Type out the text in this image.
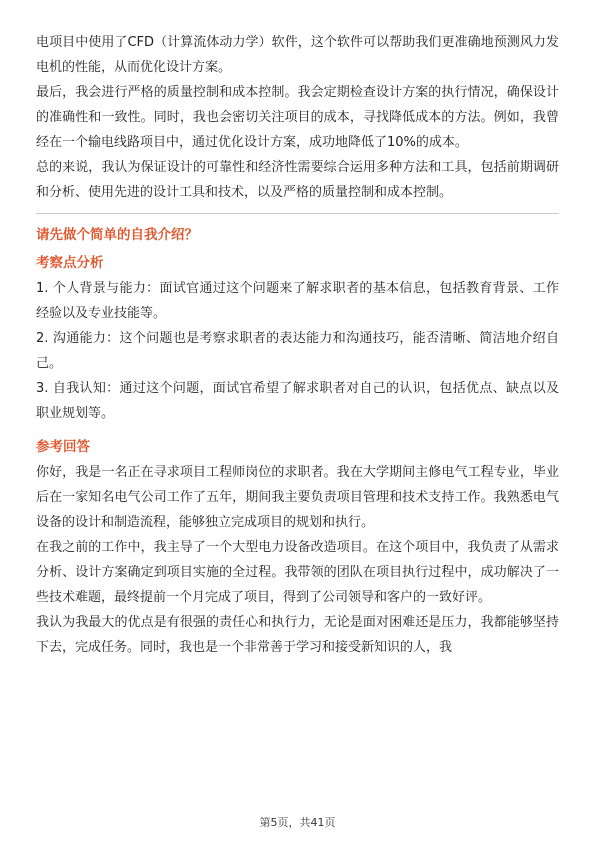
电项目中使用了CFD（计算流体动力学）软件，这个软件可以帮助我们更准确地预测风力发电机的性能，从而优化设计方案。

最后，我会进行严格的质量控制和成本控制。我会定期检查设计方案的执行情况，确保设计的准确性和一致性。同时，我也会密切关注项目的成本，寻找降低成本的方法。例如，我曾经在一个输电线路项目中，通过优化设计方案，成功地降低了10%的成本。

总的来说，我认为保证设计的可靠性和经济性需要综合运用多种方法和工具，包括前期调研和分析、使用先进的设计工具和技术，以及严格的质量控制和成本控制。

请先做个简单的自我介绍？
考察点分析

1. 个人背景与能力：面试官通过这个问题来了解求职者的基本信息，包括教育背景、工作经验以及专业技能等。

2. 沟通能力：这个问题也是考察求职者的表达能力和沟通技巧，能否清晰、简洁地介绍自己。

3. 自我认知：通过这个问题，面试官希望了解求职者对自己的认识，包括优点、缺点以及职业规划等。

参考回答

你好，我是一名正在寻求项目工程师岗位的求职者。我在大学期间主修电气工程专业，毕业后在一家知名电气公司工作了五年，期间我主要负责项目管理和技术支持工作。我熟悉电气设备的设计和制造流程，能够独立完成项目的规划和执行。

在我之前的工作中，我主导了一个大型电力设备改造项目。在这个项目中，我负责了从需求分析、设计方案确定到项目实施的全过程。我带领的团队在项目执行过程中，成功解决了一些技术难题，最终提前一个月完成了项目，得到了公司领导和客户的一致好评。

我认为我最大的优点是有很强的责任心和执行力，无论是面对困难还是压力，我都能够坚持下去，完成任务。同时，我也是一个非常善于学习和接受新知识的人，我

第5页，共41页
